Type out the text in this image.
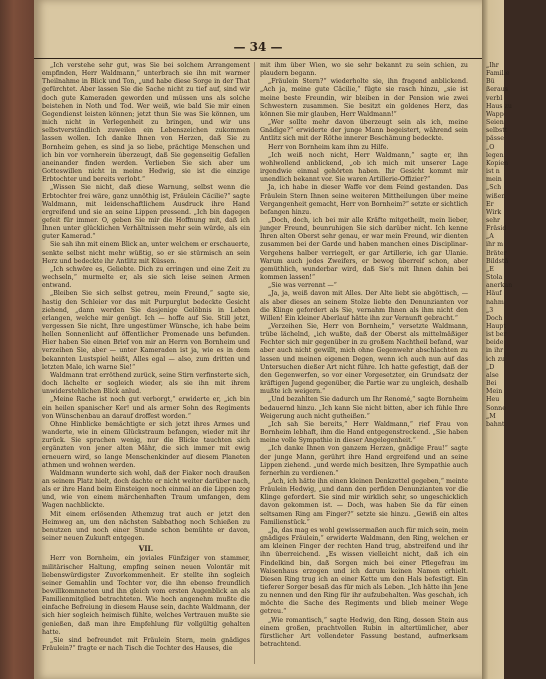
— 34 —

„Ich verstehe sehr gut, was Sie bei solchem Arrangement empfinden, Herr Waldmann,“ unterbrach sie ihn mit warmer Theilnahme in Blick und Ton, „und habe diese Sorge in der That gefürchtet. Aber lassen Sie die Sache nicht zu tief auf, sind wir doch gute Kameraden geworden und müssen uns als solche beistehen in Noth und Tod. Wer weiß, wie bald Sie mir einen Gegendienst leisten können; jetzt thun Sie was Sie können, um mich nicht in Verlegenheit zu bringen, und wir uns selbstverständlich zuweilen ein Lebenszeichen zukommen lassen wollen. Ich danke Ihnen von Herzen, daß Sie zu Bornheim gehen, es sind ja so liebe, prächtige Menschen und ich bin vor vornherein überzeugt, daß Sie gegenseitig Gefallen aneinander finden werden. Verlieben Sie sich aber um Gotteswillen nicht in meine Hedwig, sie ist die einzige Erbtochter und bereits verlobt.“

„Wissen Sie nicht, daß diese Warnung, selbst wenn die Erbtochter frei wäre, ganz unnöthig ist, Fräulein Cäcilie?“ sagte Waldmann, mit leidenschaftlichem Ausdruck ihre Hand ergreifend und sie an seine Lippen pressend. „Ich bin dagegen gefeit für immer. O, geben Sie mir die Hoffnung mit, daß ich Ihnen unter glücklichen Verhältnissen mehr sein würde, als ein guter Kamerad.“

Sie sah ihn mit einem Blick an, unter welchem er erschauerte, senkte selbst nicht mehr wüßtig, so er sie stürmisch an sein Herz und bedeckte ihr Antlitz mit Küssen.

„Ich schwöre es, Geliebte. Dich zu erringen und eine Zeit zu wechseln,“ murmelte er, als sie sich leise seinen Armen entwand.

„Bleiben Sie sich selbst getreu, mein Freund,“ sagte sie, hastig den Schleier vor das mit Purpurglut bedeckte Gesicht ziehend, „dann werden Sie dasjenige Gelöbnis in Leben erlangen, welche mir genügt. Ich — hoffe auf Sie. Still jetzt, vergessen Sie nicht, Ihre ungestümer Wünsche, ich habe beim hellen Sonnenlicht auf öffentlicher Promenade uns befunden. Hier haben Sie einen Brief von mir an Herrn von Bornheim und verzeihen Sie, aber — unter Kameraden ist ja, wie es in dem bekannten Lustspiel heißt, Alles egal — also, zum dritten und letzten Male, ich warne Sie!“

Waldmann trat erröthend zurück, seine Stirn verfinsterte sich, doch lächelte er sogleich wieder, als sie ihn mit ihrem unwiderstehlichen Blick anlud.

„Meine Rache ist noch gut verborgt,“ erwiderte er, „ich bin ein heilen spanischer Ker! und als armer Sohn des Regiments von Wünschenbau an darauf droffest worden.“

Ohne Hinblicke bemächtigte er sich jetzt ihres Armes und wanderte, wie in einem Glückstraum befangen, wieder mit ihr zurück. Sie sprachen wenig, nur die Blicke tauchten sich ergänzten von jener alten Mähr, die sich immer mit ewig erneuern wird, so lange Menschenkinder auf diesem Planeten athmen und wohnen werden.

Waldmann wunderte sich wohl, daß der Fiaker noch draußen an seinem Platz hielt, doch dachte er nicht weiter darüber nach, als er ihre Hand beim Einsteigen noch einmal an die Lippen zog und, wie von einem märchenhaften Traum umfangen, dem Wagen nachblickte.

Mit einem erlösenden Athemzug trat auch er jetzt den Heimweg an, um den nächsten Sabbathog noch Schießen zu benutzen und noch einer Stunde schon bemühte er davon, seiner neuen Zukunft entgegen.

VII.

Herr von Bornheim, ein joviales Fünfziger von stammer, militärischer Haltung, empfing seinen neuen Volontär mit liebenswürdigster Zuvorkommenheit. Er stellte ihn sogleich seiner Gemahlin und Tochter vor, die ihn ebenso freundlich bewillkommneten und ihn gleich vom ersten Augenblick an als Familienmitglied betrachteten. Wie hoch angenehm mußte die einfache Befreiung in diesem Hause sein, dachte Waldmann, der sich hier sogleich heimisch fühlte, welches Vertrauen mußte sie genießen, daß man ihre Empfehlung für vollgültig gehalten hatte.

„Sie sind befreundet mit Fräulein Stern, mein gnädiges Fräulein?“ fragte er nach Tisch die Tochter des Hauses, die

mit ihm über Wien, wo sie sehr bekannt zu sein schien, zu plaudern begann.

„Fräulein Stern?“ wiederholte sie, ihn fragend anblickend. „Ach ja, meine gute Cäcilie,“ fügte sie rasch hinzu, „sie ist meine beste Freundin, wir bleiben in der Pension wie zwei Schwestern zusammen. Sie besitzt ein goldenes Herz, das können Sie mir glauben, Herr Waldmann!“

„Wer sollte mehr davon überzeugt sein als ich, meine Gnädige?“ erwiderte der junge Mann begeistert, während sein Antlitz sich mit der Röthe innerer Beschämung bedeckte.

Herr von Bornheim kam ihm zu Hilfe.

„Ich weiß noch nicht, Herr Waldmann,“ sagte er, ihn wohlwollend anblickend, „ob ich mich mit unserer Lage irgendwie einmal gehörten haben. Ihr Gesicht kommt mir unendlich bekannt vor. Sie waren Artillerie-Offizier?“

Ja, ich habe in dieser Waffe vor dem Feind gestanden. Das Fräulein Stern Ihnen seine weiteren Mittheilungen über meine Vergangenheit gemacht, Herr von Bornheim?“ setzte er sichtlich befangen hinzu.

„Doch, doch, ich bei mir alle Kräfte mitgetheilt, mein lieber, junger Freund, beunruhigen Sie sich darüber nicht. Ich kenne Ihren alten Oberst sehr genau, er war mein Freund, wir dienten zusammen bei der Garde und haben manchen eines Disciplinar-Vergehens halber verriegelt, er gar Artillerie, ich gar Ulanie. Warum auch jedes Zweifers, er bewog überreif schon, aber gemüthlich, wunderbar wird, daß Sie's mit Ihnen dahin bei kommen lassen!“

„Sie was verrennt —“

„Ja, ja, weiß davon mit Alles. Der Alte liebt sie abgöttisch, — als aber dieses an seinem Stolze liebte den Denunzianten vor die Klinge gefordert als Sie, vernahm Ihnen als ihm nicht den Willen! Ein kleiner Aberlauf hätte ihn zur Vernunft gebracht.“

„Verzeihen Sie, Herr von Bornheim,“ versetzte Waldmann, trübe lächelnd, „ich wußte, daß der Oberst als mittelmäßiger Fechter sich mir gegenüber in zu großem Nachtheil befand, war aber auch nicht gewillt, mich ohne Gegenwehr abschlachten zu lassen und meinen eigenen Degen, wenn ich auch nun auf das Untersuchen dießer Art nicht führe. Ich hatte gefestigt, daß der den Gegenwerfen, so vor einer Vorgesetzter, ein Grundsatz der kräftigen Jugend gegenüber, die Partie war zu ungleich, deshalb mußte ich weigern.“

„Und bezahlten Sie dadurch um Ihr Renomé,“ sagte Bornheim bedauernd hinzu. „Ich kann Sie nicht bitten, aber ich fühle Ihre Weigerung auch nicht gutheißen.“

„Ich sah Sie bereits,“ Herr Waldmann,“ rief Frau von Bornheim lebhaft, ihm die Hand entgegenstreckend. „Sie haben meine volle Sympathie in dieser Angelegenheit.“

„Ich danke Ihnen von ganzem Herzen, gnädige Frau!“ sagte der junge Mann, gerührt ihre Hand ergreifend und an seine Lippen ziehend. „und werde mich besitzen, Ihre Sympathie auch fernerhin zu verdienen.“

„Ach, ich hätte ihn einen kleinen Denkzettel gegeben,“ meinte Fräulein Hedwig, „und dann den perfiden Denunzianten vor die Klinge gefordert. Sie sind mir wirklich sehr, so ungeschicklich davon gekommen ist. — Doch, was haben Sie da für einen seltsamen Ring am Finger?“ setzte sie hinzu. „Gewiß ein altes Familienstück.“

„Ja, das mag es wohl gewissermaßen auch für mich sein, mein gnädiges Fräulein,“ erwiderte Waldmann, den Ring, welchen er am kleinen Finger der rechten Hand trug, abstreifend und ihr ihn überreichend. „Es wissen vielleicht nicht, daß ich ein Findelkind bin, daß Sorgen mich bei einer Pflegefrau im Waisenhaus erzogen und ich darum keinen Namen erhielt. Diesen Ring trug ich an einer Kette um den Hals befestigt. Ein tieferer Sorger besaß das für mich als Leben. „Ich hätte ihn Jene zu nennen und den Ring für ihr aufzubehalten. Was geschah, ich möchte die Sache des Regiments und blieb meiner Wege getreu.“

„Wie romantisch,“ sagte Hedwig, den Ring, dessen Stein aus einem großen, prachtvollen Rubin in altertümlicher, aber fürstlicher Art vollendeter Fassung bestand, aufmerksam betrachtend.

„Ihr
Familie
Bü
ßeraus
verbl
Haus zu
Wapp
Seien
selbstt
pässe
„O
legen
Kopien
ist n
mein
„Sch
wißen
Er
Wirk
sehr
Fräsid
„A
ihr m
Bräter
Bildstä
„E
Stola
anerkan
Häuf
nahm
„3
Doch
Haupt
ist ber
beide
in ihr
ich zu
„D
alse
Bei
Mein
Heu
Sonne
„M
bahnt
